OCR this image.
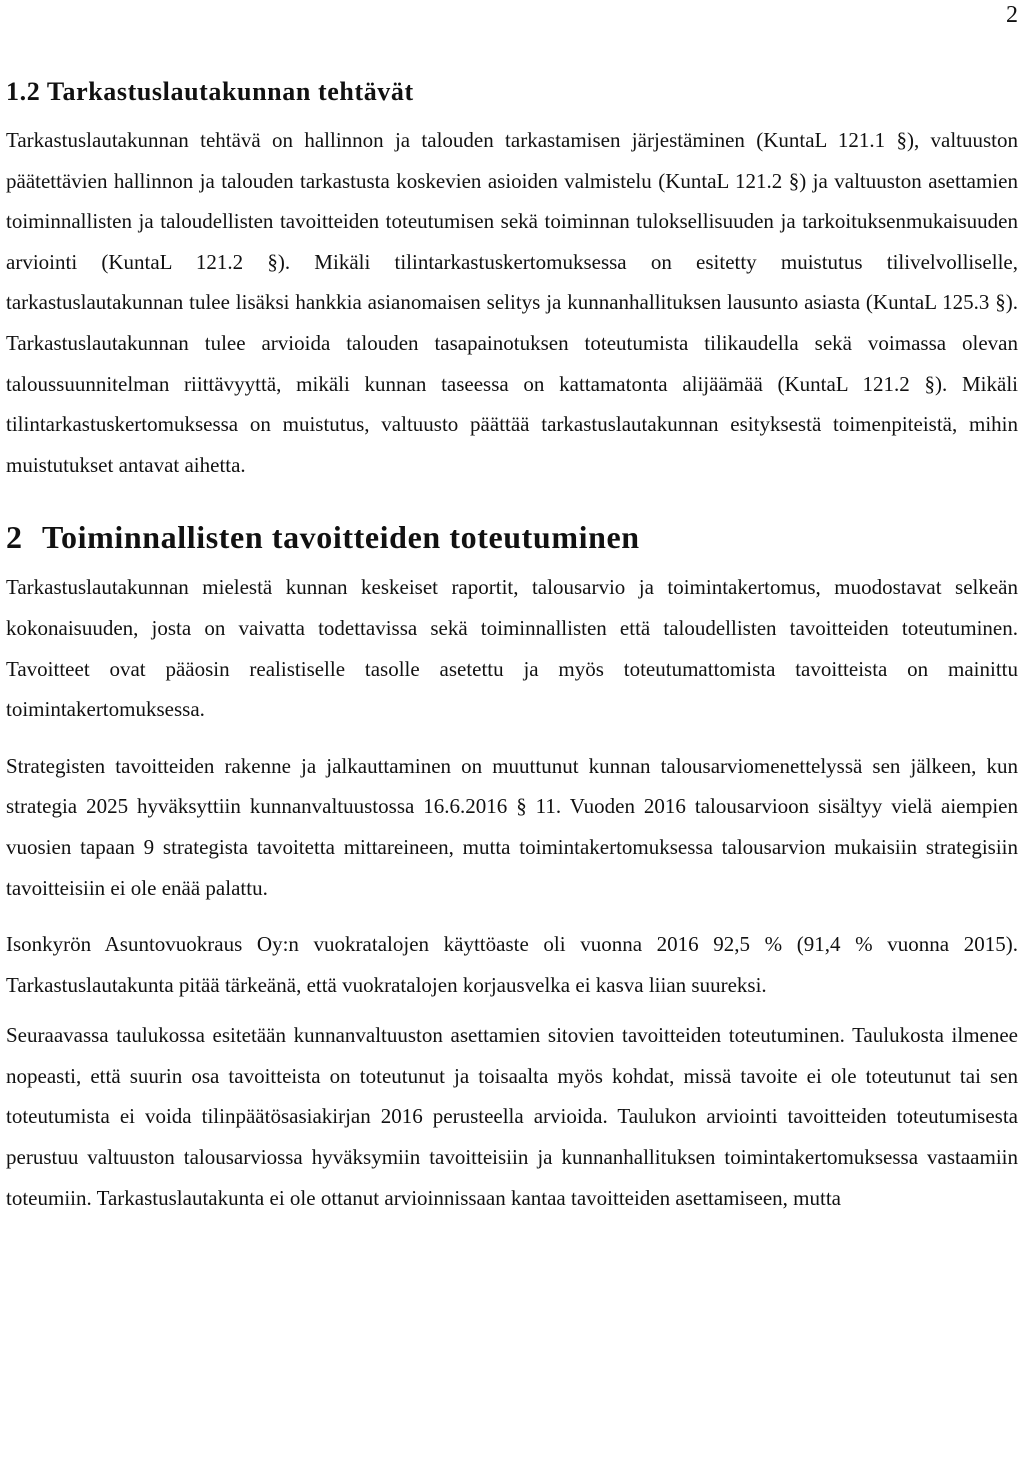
2
1.2 Tarkastuslautakunnan tehtävät

Tarkastuslautakunnan tehtävä on hallinnon ja talouden tarkastamisen järjestäminen (KuntaL 121.1 §), valtuuston päätettävien hallinnon ja talouden tarkastusta koskevien asioiden valmistelu (KuntaL 121.2 §) ja valtuuston asettamien toiminnallisten ja taloudellisten tavoitteiden toteutumisen sekä toiminnan tuloksellisuuden ja tarkoituksenmukaisuuden arviointi (KuntaL 121.2 §). Mikäli tilintarkastuskertomuksessa on esitetty muistutus tilivelvolliselle, tarkastuslautakunnan tulee lisäksi hankkia asianomaisen selitys ja kunnanhallituksen lausunto asiasta (KuntaL 125.3 §). Tarkastuslautakunnan tulee arvioida talouden tasapainotuksen toteutumista tilikaudella sekä voimassa olevan taloussuunnitelman riittävyyttä, mikäli kunnan taseessa on kattamatonta alijäämää (KuntaL 121.2 §). Mikäli tilintarkastuskertomuksessa on muistutus, valtuusto päättää tarkastuslautakunnan esityksestä toimenpiteistä, mihin muistutukset antavat aihetta.

2 Toiminnallisten tavoitteiden toteutuminen

Tarkastuslautakunnan mielestä kunnan keskeiset raportit, talousarvio ja toimintakertomus, muodostavat selkeän kokonaisuuden, josta on vaivatta todettavissa sekä toiminnallisten että taloudellisten tavoitteiden toteutuminen. Tavoitteet ovat pääosin realistiselle tasolle asetettu ja myös toteutumattomista tavoitteista on mainittu toimintakertomuksessa.

Strategisten tavoitteiden rakenne ja jalkauttaminen on muuttunut kunnan talousarviomenettelyssä sen jälkeen, kun strategia 2025 hyväksyttiin kunnanvaltuustossa 16.6.2016 § 11. Vuoden 2016 talousarvioon sisältyy vielä aiempien vuosien tapaan 9 strategista tavoitetta mittareineen, mutta toimintakertomuksessa talousarvion mukaisiin strategisiin tavoitteisiin ei ole enää palattu.

Isonkyrön Asuntovuokraus Oy:n vuokratalojen käyttöaste oli vuonna 2016 92,5 % (91,4 % vuonna 2015). Tarkastuslautakunta pitää tärkeänä, että vuokratalojen korjausvelka ei kasva liian suureksi.

Seuraavassa taulukossa esitetään kunnanvaltuuston asettamien sitovien tavoitteiden toteutuminen. Taulukosta ilmenee nopeasti, että suurin osa tavoitteista on toteutunut ja toisaalta myös kohdat, missä tavoite ei ole toteutunut tai sen toteutumista ei voida tilinpäätösasiakirjan 2016 perusteella arvioida. Taulukon arviointi tavoitteiden toteutumisesta perustuu valtuuston talousarviossa hyväksymiin tavoitteisiin ja kunnanhallituksen toimintakertomuksessa vastaamiin toteumiin. Tarkastuslautakunta ei ole ottanut arvioinnissaan kantaa tavoitteiden asettamiseen, mutta
